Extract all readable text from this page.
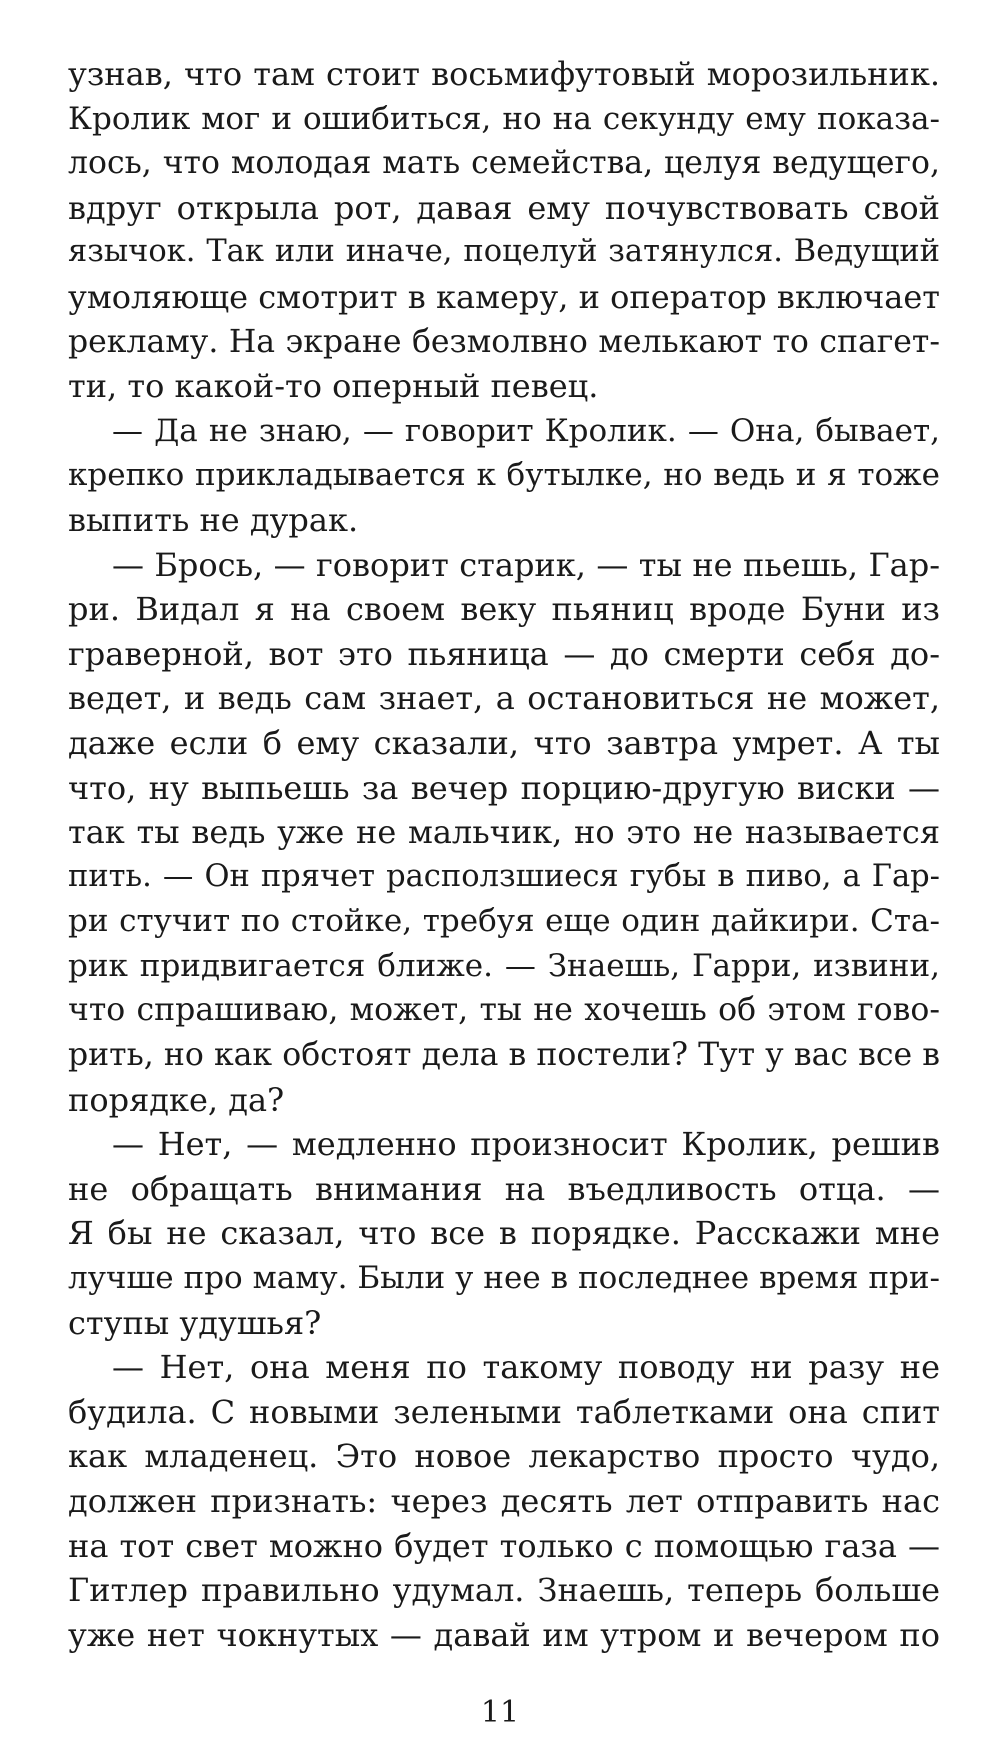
узнав, что там стоит восьмифутовый морозильник.
Кролик мог и ошибиться, но на секунду ему показа-
лось, что молодая мать семейства, целуя ведущего,
вдруг открыла рот, давая ему почувствовать свой
язычок. Так или иначе, поцелуй затянулся. Ведущий
умоляюще смотрит в камеру, и оператор включает
рекламу. На экране безмолвно мелькают то спагет-
ти, то какой-то оперный певец.
— Да не знаю, — говорит Кролик. — Она, бывает,
крепко прикладывается к бутылке, но ведь и я тоже
выпить не дурак.
— Брось, — говорит старик, — ты не пьешь, Гар-
ри. Видал я на своем веку пьяниц вроде Буни из
граверной, вот это пьяница — до смерти себя до-
ведет, и ведь сам знает, а остановиться не может,
даже если б ему сказали, что завтра умрет. А ты
что, ну выпьешь за вечер порцию-другую виски —
так ты ведь уже не мальчик, но это не называется
пить. — Он прячет расползшиеся губы в пиво, а Гар-
ри стучит по стойке, требуя еще один дайкири. Ста-
рик придвигается ближе. — Знаешь, Гарри, извини,
что спрашиваю, может, ты не хочешь об этом гово-
рить, но как обстоят дела в постели? Тут у вас все в
порядке, да?
— Нет, — медленно произносит Кролик, решив
не обращать внимания на въедливость отца. —
Я бы не сказал, что все в порядке. Расскажи мне
лучше про маму. Были у нее в последнее время при-
ступы удушья?
— Нет, она меня по такому поводу ни разу не
будила. С новыми зелеными таблетками она спит
как младенец. Это новое лекарство просто чудо,
должен признать: через десять лет отправить нас
на тот свет можно будет только с помощью газа —
Гитлер правильно удумал. Знаешь, теперь больше
уже нет чокнутых — давай им утром и вечером по
11
